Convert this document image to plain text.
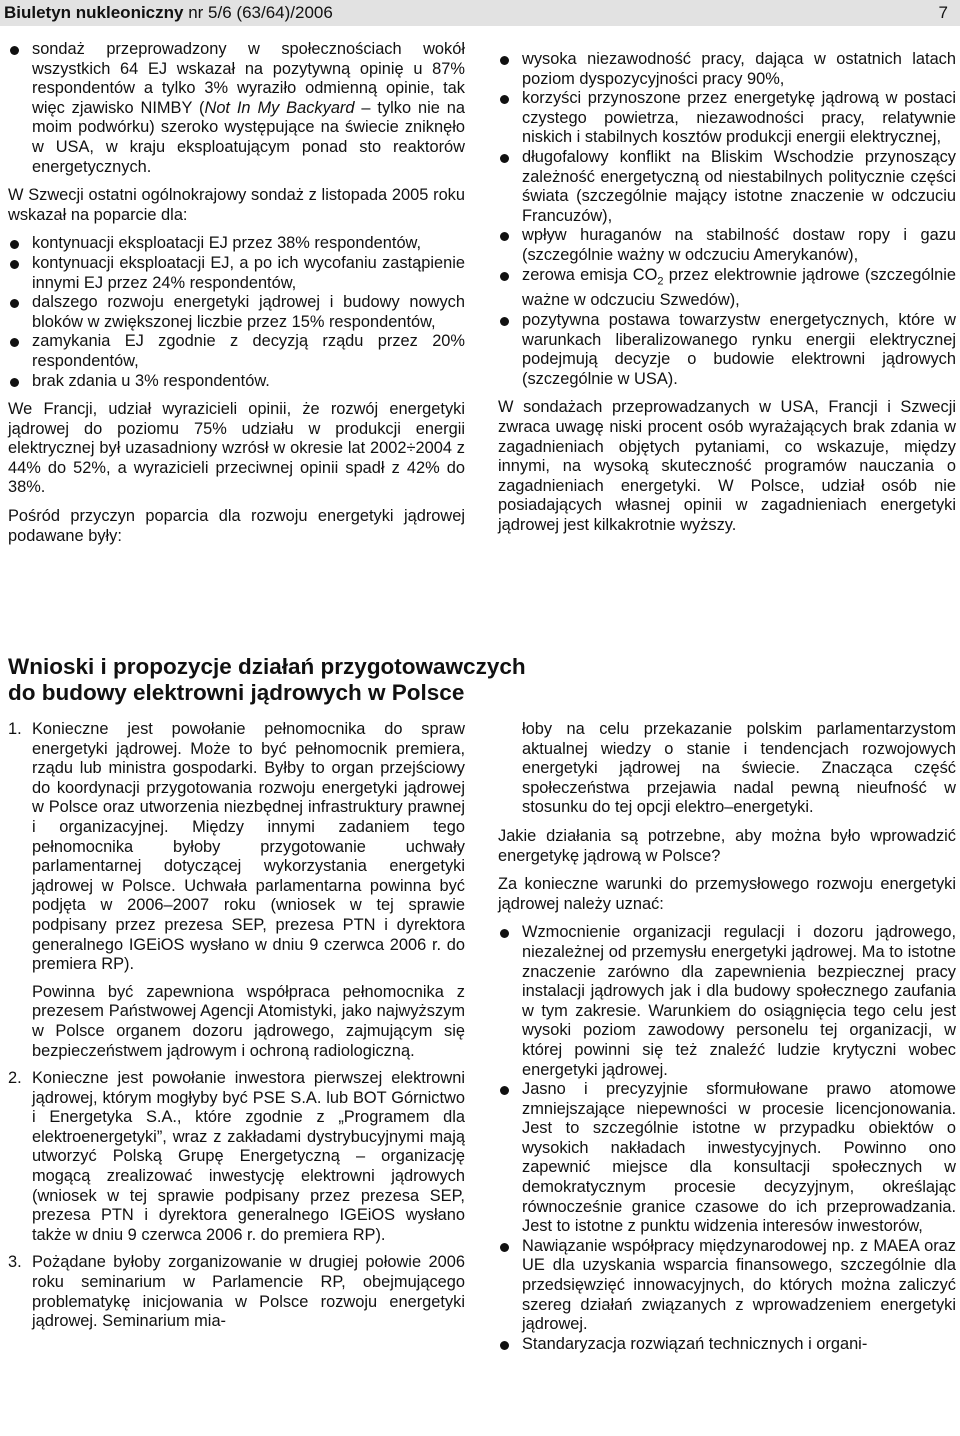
Biuletyn nukleoniczny nr 5/6 (63/64)/2006	7
sondaż przeprowadzony w społecznościach wokół wszystkich 64 EJ wskazał na pozytywną opinię u 87% respondentów a tylko 3% wyraziło odmienną opinie, tak więc zjawisko NIMBY (Not In My Backyard – tylko nie na moim podwórku) szeroko występujące na świecie zniknęło w USA, w kraju eksploatującym ponad sto reaktorów energetycznych.

W Szwecji ostatni ogólnokrajowy sondaż z listopada 2005 roku wskazał na poparcie dla:

kontynuacji eksploatacji EJ przez 38% respondentów,
kontynuacji eksploatacji EJ, a po ich wycofaniu zastąpienie innymi EJ przez 24% respondentów,
dalszego rozwoju energetyki jądrowej i budowy nowych bloków w zwiększonej liczbie przez 15% respondentów,
zamykania EJ zgodnie z decyzją rządu przez 20% respondentów,
brak zdania u 3% respondentów.

We Francji, udział wyrazicieli opinii, że rozwój energetyki jądrowej do poziomu 75% udziału w produkcji energii elektrycznej był uzasadniony wzrósł w okresie lat 2002÷2004 z 44% do 52%, a wyrazicieli przeciwnej opinii spadł z 42% do 38%.

Pośród przyczyn poparcia dla rozwoju energetyki jądrowej podawane były:

wysoka niezawodność pracy, dająca w ostatnich latach poziom dyspozycyjności pracy 90%,
korzyści przynoszone przez energetykę jądrową w postaci czystego powietrza, niezawodności pracy, relatywnie niskich i stabilnych kosztów produkcji energii elektrycznej,
długofalowy konflikt na Bliskim Wschodzie przynoszący zależność energetyczną od niestabilnych politycznie części świata (szczególnie mający istotne znaczenie w odczuciu Francuzów),
wpływ huraganów na stabilność dostaw ropy i gazu (szczególnie ważny w odczuciu Amerykanów),
zerowa emisja $CO_2$ przez elektrownie jądrowe (szczególnie ważne w odczuciu Szwedów),
pozytywna postawa towarzystw energetycznych, które w warunkach liberalizowanego rynku energii elektrycznej podejmują decyzje o budowie elektrowni jądrowych (szczególnie w USA).

W sondażach przeprowadzanych w USA, Francji i Szwecji zwraca uwagę niski procent osób wyrażających brak zdania w zagadnieniach objętych pytaniami, co wskazuje, między innymi, na wysoką skuteczność programów nauczania o zagadnieniach energetyki. W Polsce, udział osób nie posiadających własnej opinii w zagadnieniach energetyki jądrowej jest kilkakrotnie wyższy.

Wnioski i propozycje działań przygotowawczych
do budowy elektrowni jądrowych w Polsce
1. Konieczne jest powołanie pełnomocnika do spraw energetyki jądrowej. Może to być pełnomocnik premiera, rządu lub ministra gospodarki. Byłby to organ przejściowy do koordynacji przygotowania rozwoju energetyki jądrowej w Polsce oraz utworzenia niezbędnej infrastruktury prawnej i organizacyjnej. Między innymi zadaniem tego pełnomocnika byłoby przygotowanie uchwały parlamentarnej dotyczącej wykorzystania energetyki jądrowej w Polsce. Uchwała parlamentarna powinna być podjęta w 2006–2007 roku (wniosek w tej sprawie podpisany przez prezesa SEP, prezesa PTN i dyrektora generalnego IGEiOS wysłano w dniu 9 czerwca 2006 r. do premiera RP).
Powinna być zapewniona współpraca pełnomocnika z prezesem Państwowej Agencji Atomistyki, jako najwyższym w Polsce organem dozoru jądrowego, zajmującym się bezpieczeństwem jądrowym i ochroną radiologiczną.
2. Konieczne jest powołanie inwestora pierwszej elektrowni jądrowej, którym mogłyby być PSE S.A. lub BOT Górnictwo i Energetyka S.A., które zgodnie z „Programem dla elektroenergetyki”, wraz z zakładami dystrybucyjnymi mają utworzyć Polską Grupę Energetyczną – organizację mogącą zrealizować inwestycję elektrowni jądrowych (wniosek w tej sprawie podpisany przez prezesa SEP, prezesa PTN i dyrektora generalnego IGEiOS wysłano także w dniu 9 czerwca 2006 r. do premiera RP).
3. Pożądane byłoby zorganizowanie w drugiej połowie 2006 roku seminarium w Parlamencie RP, obejmującego problematykę inicjowania w Polsce rozwoju energetyki jądrowej. Seminarium mia-
łoby na celu przekazanie polskim parlamentarzystom aktualnej wiedzy o stanie i tendencjach rozwojowych energetyki jądrowej na świecie. Znacząca część społeczeństwa przejawia nadal pewną nieufność w stosunku do tej opcji elektro–energetyki.

Jakie działania są potrzebne, aby można było wprowadzić energetykę jądrową w Polsce?

Za konieczne warunki do przemysłowego rozwoju energetyki jądrowej należy uznać:

Wzmocnienie organizacji regulacji i dozoru jądrowego, niezależnej od przemysłu energetyki jądrowej. Ma to istotne znaczenie zarówno dla zapewnienia bezpiecznej pracy instalacji jądrowych jak i dla budowy społecznego zaufania w tym zakresie. Warunkiem do osiągnięcia tego celu jest wysoki poziom zawodowy personelu tej organizacji, w której powinni się też znaleźć ludzie krytyczni wobec energetyki jądrowej.
Jasno i precyzyjnie sformułowane prawo atomowe zmniejszające niepewności w procesie licencjonowania. Jest to szczególnie istotne w przypadku obiektów o wysokich nakładach inwestycyjnych. Powinno ono zapewnić miejsce dla konsultacji społecznych w demokratycznym procesie decyzyjnym, określając równocześnie granice czasowe do ich przeprowadzania. Jest to istotne z punktu widzenia interesów inwestorów,
Nawiązanie współpracy międzynarodowej np. z MAEA oraz UE dla uzyskania wsparcia finansowego, szczególnie dla przedsięwzięć innowacyjnych, do których można zaliczyć szereg działań związanych z wprowadzeniem energetyki jądrowej.
Standaryzacja rozwiązań technicznych i organi-
